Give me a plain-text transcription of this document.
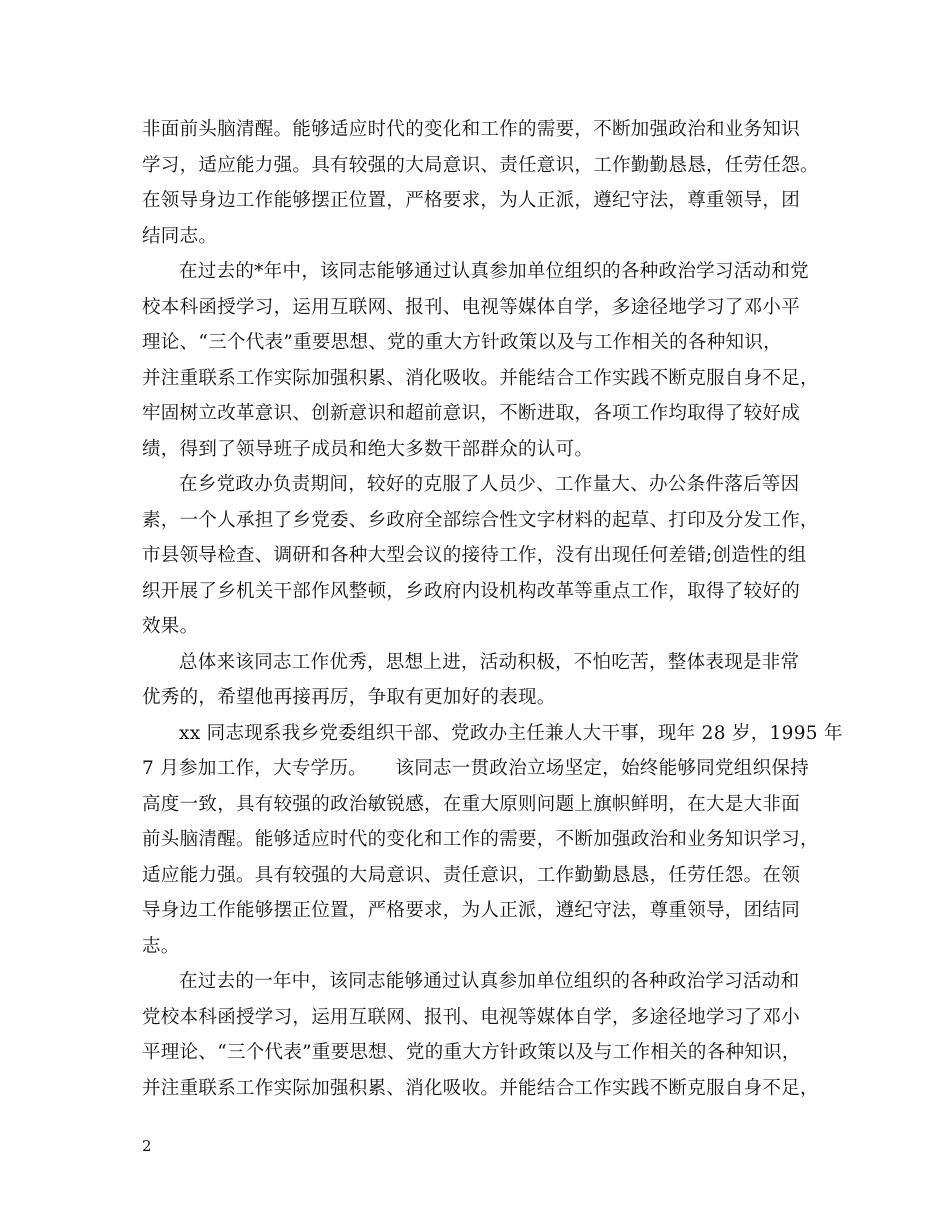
非面前头脑清醒。能够适应时代的变化和工作的需要，不断加强政治和业务知识
学习，适应能力强。具有较强的大局意识、责任意识，工作勤勤恳恳，任劳任怨。
在领导身边工作能够摆正位置，严格要求，为人正派，遵纪守法，尊重领导，团
结同志。

在过去的*年中，该同志能够通过认真参加单位组织的各种政治学习活动和党
校本科函授学习，运用互联网、报刊、电视等媒体自学，多途径地学习了邓小平
理论、“三个代表”重要思想、党的重大方针政策以及与工作相关的各种知识，
并注重联系工作实际加强积累、消化吸收。并能结合工作实践不断克服自身不足，
牢固树立改革意识、创新意识和超前意识，不断进取，各项工作均取得了较好成
绩，得到了领导班子成员和绝大多数干部群众的认可。

在乡党政办负责期间，较好的克服了人员少、工作量大、办公条件落后等因
素，一个人承担了乡党委、乡政府全部综合性文字材料的起草、打印及分发工作，
市县领导检查、调研和各种大型会议的接待工作，没有出现任何差错;创造性的组
织开展了乡机关干部作风整顿，乡政府内设机构改革等重点工作，取得了较好的
效果。

总体来该同志工作优秀，思想上进，活动积极，不怕吃苦，整体表现是非常
优秀的，希望他再接再厉，争取有更加好的表现。

xx 同志现系我乡党委组织干部、党政办主任兼人大干事，现年 28 岁，1995 年
7 月参加工作，大专学历。　　该同志一贯政治立场坚定，始终能够同党组织保持
高度一致，具有较强的政治敏锐感，在重大原则问题上旗帜鲜明，在大是大非面
前头脑清醒。能够适应时代的变化和工作的需要，不断加强政治和业务知识学习，
适应能力强。具有较强的大局意识、责任意识，工作勤勤恳恳，任劳任怨。在领
导身边工作能够摆正位置，严格要求，为人正派，遵纪守法，尊重领导，团结同
志。

在过去的一年中，该同志能够通过认真参加单位组织的各种政治学习活动和
党校本科函授学习，运用互联网、报刊、电视等媒体自学，多途径地学习了邓小
平理论、“三个代表”重要思想、党的重大方针政策以及与工作相关的各种知识，
并注重联系工作实际加强积累、消化吸收。并能结合工作实践不断克服自身不足，

2
